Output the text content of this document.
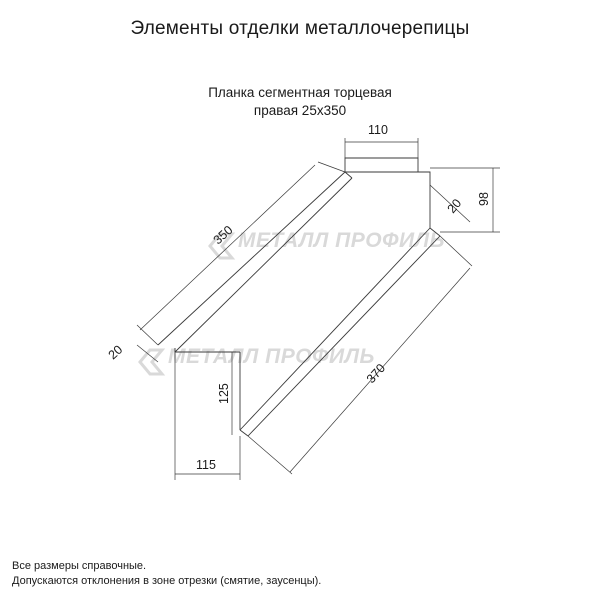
Элементы отделки металлочерепицы
Планка сегментная торцевая
правая 25х350
МЕТАЛЛ ПРОФИЛЬ
МЕТАЛЛ ПРОФИЛЬ
110
98
20
350
20
370
125
115
Все размеры справочные.
Допускаются отклонения в зоне отрезки (смятие, заусенцы).
